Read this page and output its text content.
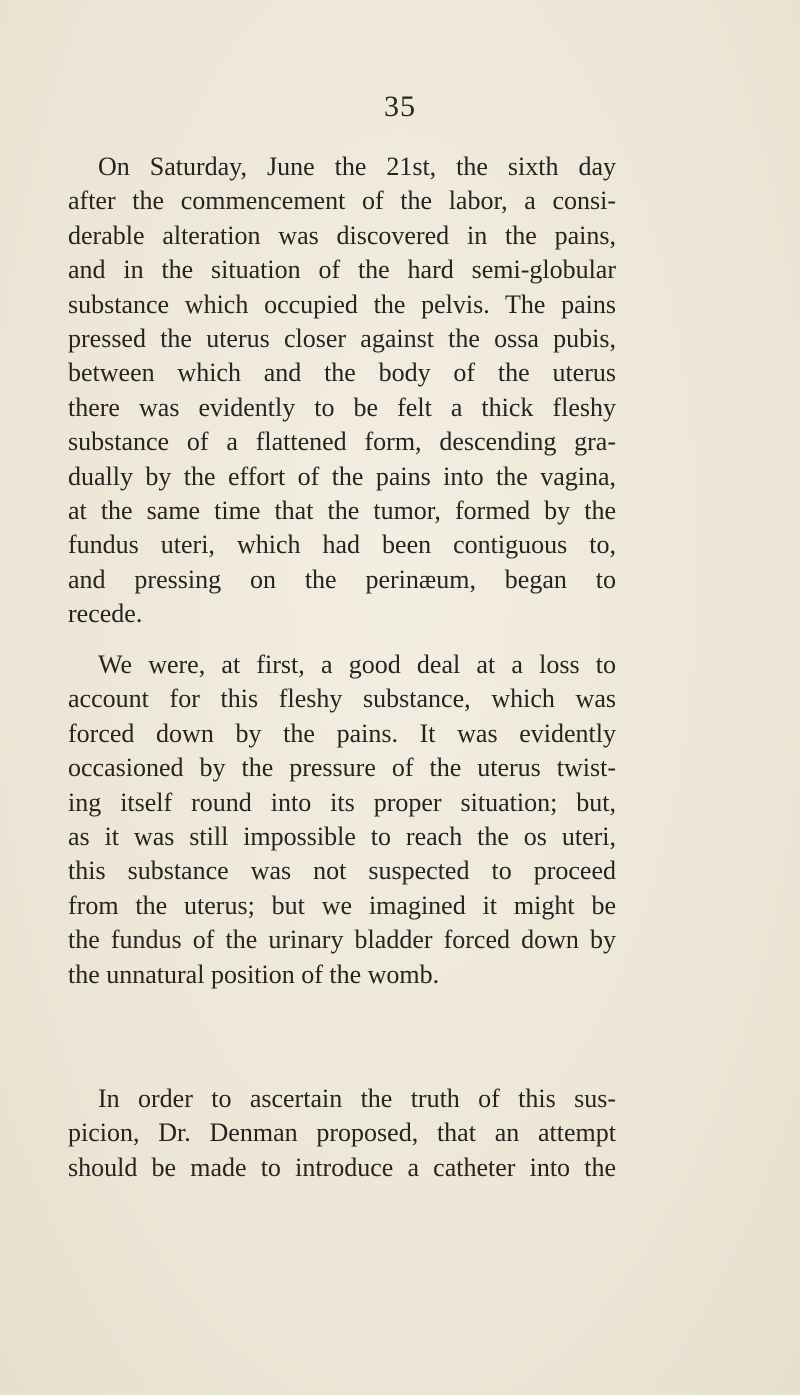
35
On Saturday, June the 21st, the sixth day
after the commencement of the labor, a consi-
derable alteration was discovered in the pains,
and in the situation of the hard semi-globular
substance which occupied the pelvis. The pains
pressed the uterus closer against the ossa pubis,
between which and the body of the uterus
there was evidently to be felt a thick fleshy
substance of a flattened form, descending gra-
dually by the effort of the pains into the vagina,
at the same time that the tumor, formed by the
fundus uteri, which had been contiguous to,
and pressing on the perinæum, began to
recede.
We were, at first, a good deal at a loss to
account for this fleshy substance, which was
forced down by the pains. It was evidently
occasioned by the pressure of the uterus twist-
ing itself round into its proper situation; but,
as it was still impossible to reach the os uteri,
this substance was not suspected to proceed
from the uterus; but we imagined it might be
the fundus of the urinary bladder forced down by
the unnatural position of the womb.
In order to ascertain the truth of this sus-
picion, Dr. Denman proposed, that an attempt
should be made to introduce a catheter into the
